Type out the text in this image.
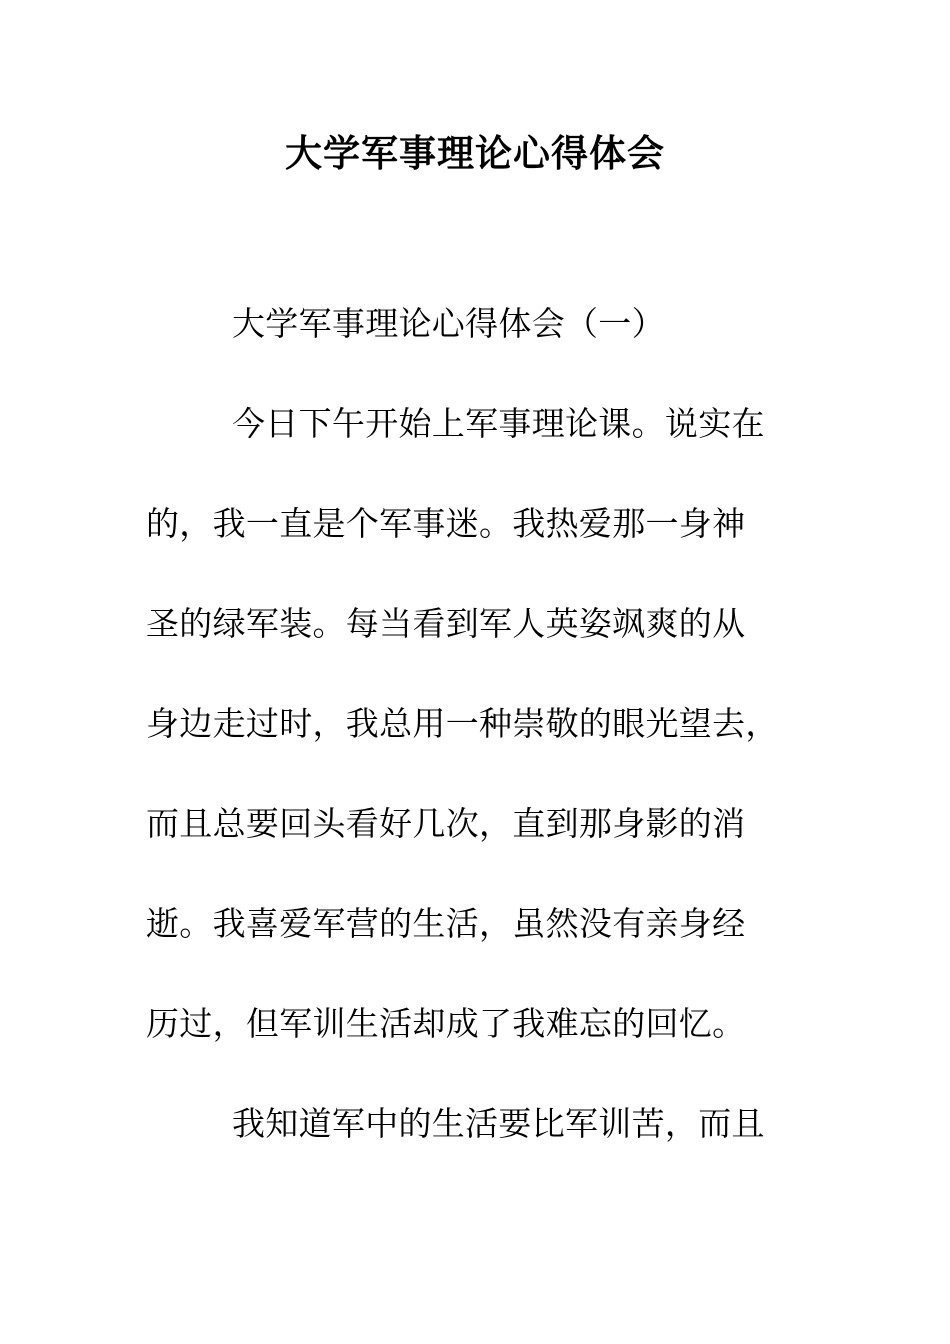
大学军事理论心得体会
大学军事理论心得体会（一）
今日下午开始上军事理论课。说实在
的，我一直是个军事迷。我热爱那一身神
圣的绿军装。每当看到军人英姿飒爽的从
身边走过时，我总用一种崇敬的眼光望去，
而且总要回头看好几次，直到那身影的消
逝。我喜爱军营的生活，虽然没有亲身经
历过，但军训生活却成了我难忘的回忆。
我知道军中的生活要比军训苦，而且
